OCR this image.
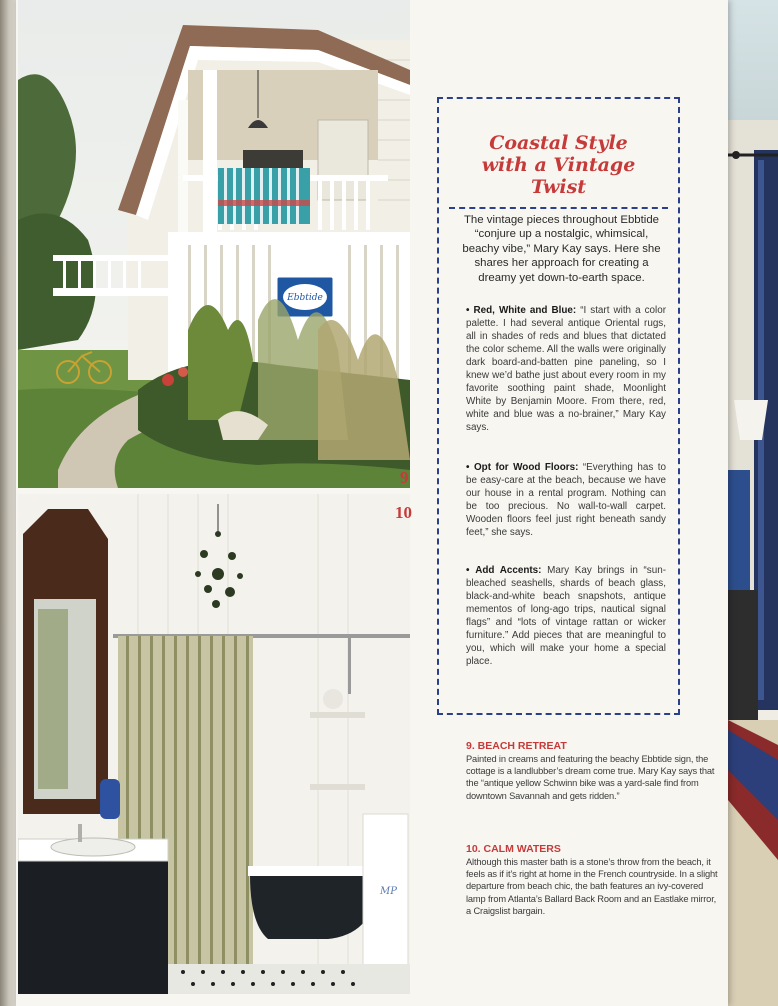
Ebbtide
MP
9
10
Coastal Style
with a Vintage
Twist
The vintage pieces throughout Ebbtide “conjure up a nostalgic, whimsical, beachy vibe,” Mary Kay says. Here she shares her approach for creating a dreamy yet down-to-earth space.
• Red, White and Blue: “I start with a color palette. I had several antique Oriental rugs, all in shades of reds and blues that dictated the color scheme. All the walls were originally dark board-and-batten pine paneling, so I knew we’d bathe just about every room in my favorite soothing paint shade, Moonlight White by Benjamin Moore. From there, red, white and blue was a no-brainer,” Mary Kay says.
• Opt for Wood Floors: “Everything has to be easy-care at the beach, because we have our house in a rental program. Nothing can be too precious. No wall-to-wall carpet. Wooden floors feel just right beneath sandy feet,” she says.
• Add Accents: Mary Kay brings in “sun-bleached seashells, shards of beach glass, black-and-white beach snapshots, antique mementos of long-ago trips, nautical signal flags” and “lots of vintage rattan or wicker furniture.” Add pieces that are meaningful to you, which will make your home a special place.
9. BEACH RETREAT
Painted in creams and featuring the beachy Ebbtide sign, the cottage is a landlubber’s dream come true. Mary Kay says that the “antique yellow Schwinn bike was a yard-sale find from downtown Savannah and gets ridden.”
10. CALM WATERS
Although this master bath is a stone’s throw from the beach, it feels as if it’s right at home in the French countryside. In a slight departure from beach chic, the bath features an ivy-covered lamp from Atlanta’s Ballard Back Room and an Eastlake mirror, a Craigslist bargain.
